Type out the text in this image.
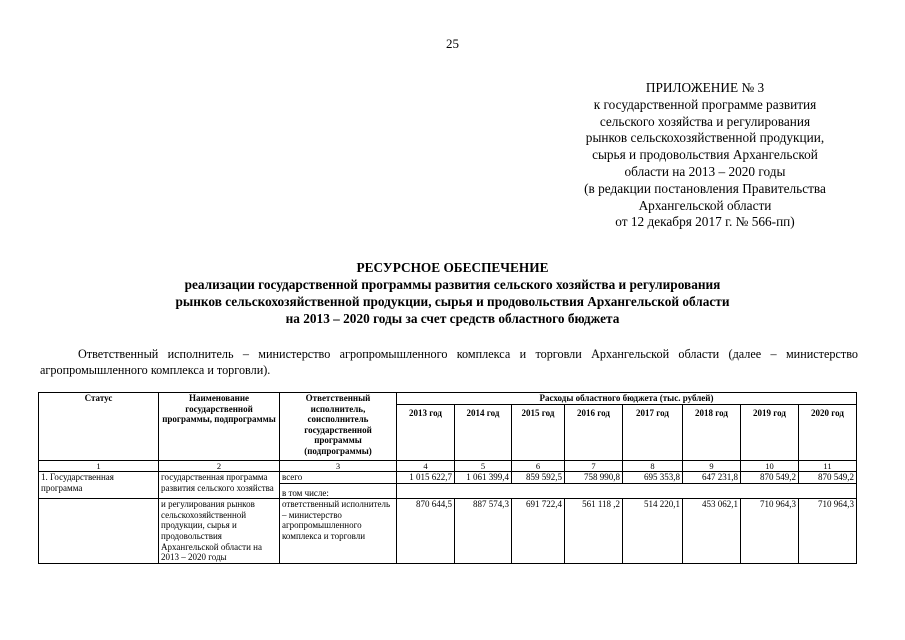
25
ПРИЛОЖЕНИЕ № 3
к государственной программе развития
сельского хозяйства и регулирования
рынков сельскохозяйственной продукции,
сырья и продовольствия Архангельской
области на 2013 – 2020 годы
(в редакции постановления Правительства
Архангельской области
от 12 декабря 2017 г. № 566-пп)
РЕСУРСНОЕ ОБЕСПЕЧЕНИЕ
реализации государственной программы развития сельского хозяйства и регулирования
рынков сельскохозяйственной продукции, сырья и продовольствия Архангельской области
на 2013 – 2020 годы за счет средств областного бюджета
Ответственный исполнитель – министерство агропромышленного комплекса и торговли Архангельской области (далее – министерство агропромышленного комплекса и торговли).
Статус	Наименование государственной программы, подпрограммы	Ответственный исполнитель, соисполнитель государственной программы (подпрограммы)	Расходы областного бюджета (тыс. рублей)							
			2013 год	2014 год	2015 год	2016 год	2017 год	2018 год	2019 год	2020 год
1	2	3	4	5	6	7	8	9	10	11
1. Государственная программа	государственная программа развития сельского хозяйства	всего	1 015 622,7	1 061 399,4	859 592,5	758 990,8	695 353,8	647 231,8	870 549,2	870 549,2
		в том числе:								
	и регулирования рынков сельскохозяйственной продукции, сырья и продовольствия Архангельской области на 2013 – 2020 годы	ответственный исполнитель – министерство агропромышленного комплекса и торговли	870 644,5	887 574,3	691 722,4	561 118 ,2	514 220,1	453 062,1	710 964,3	710 964,3
